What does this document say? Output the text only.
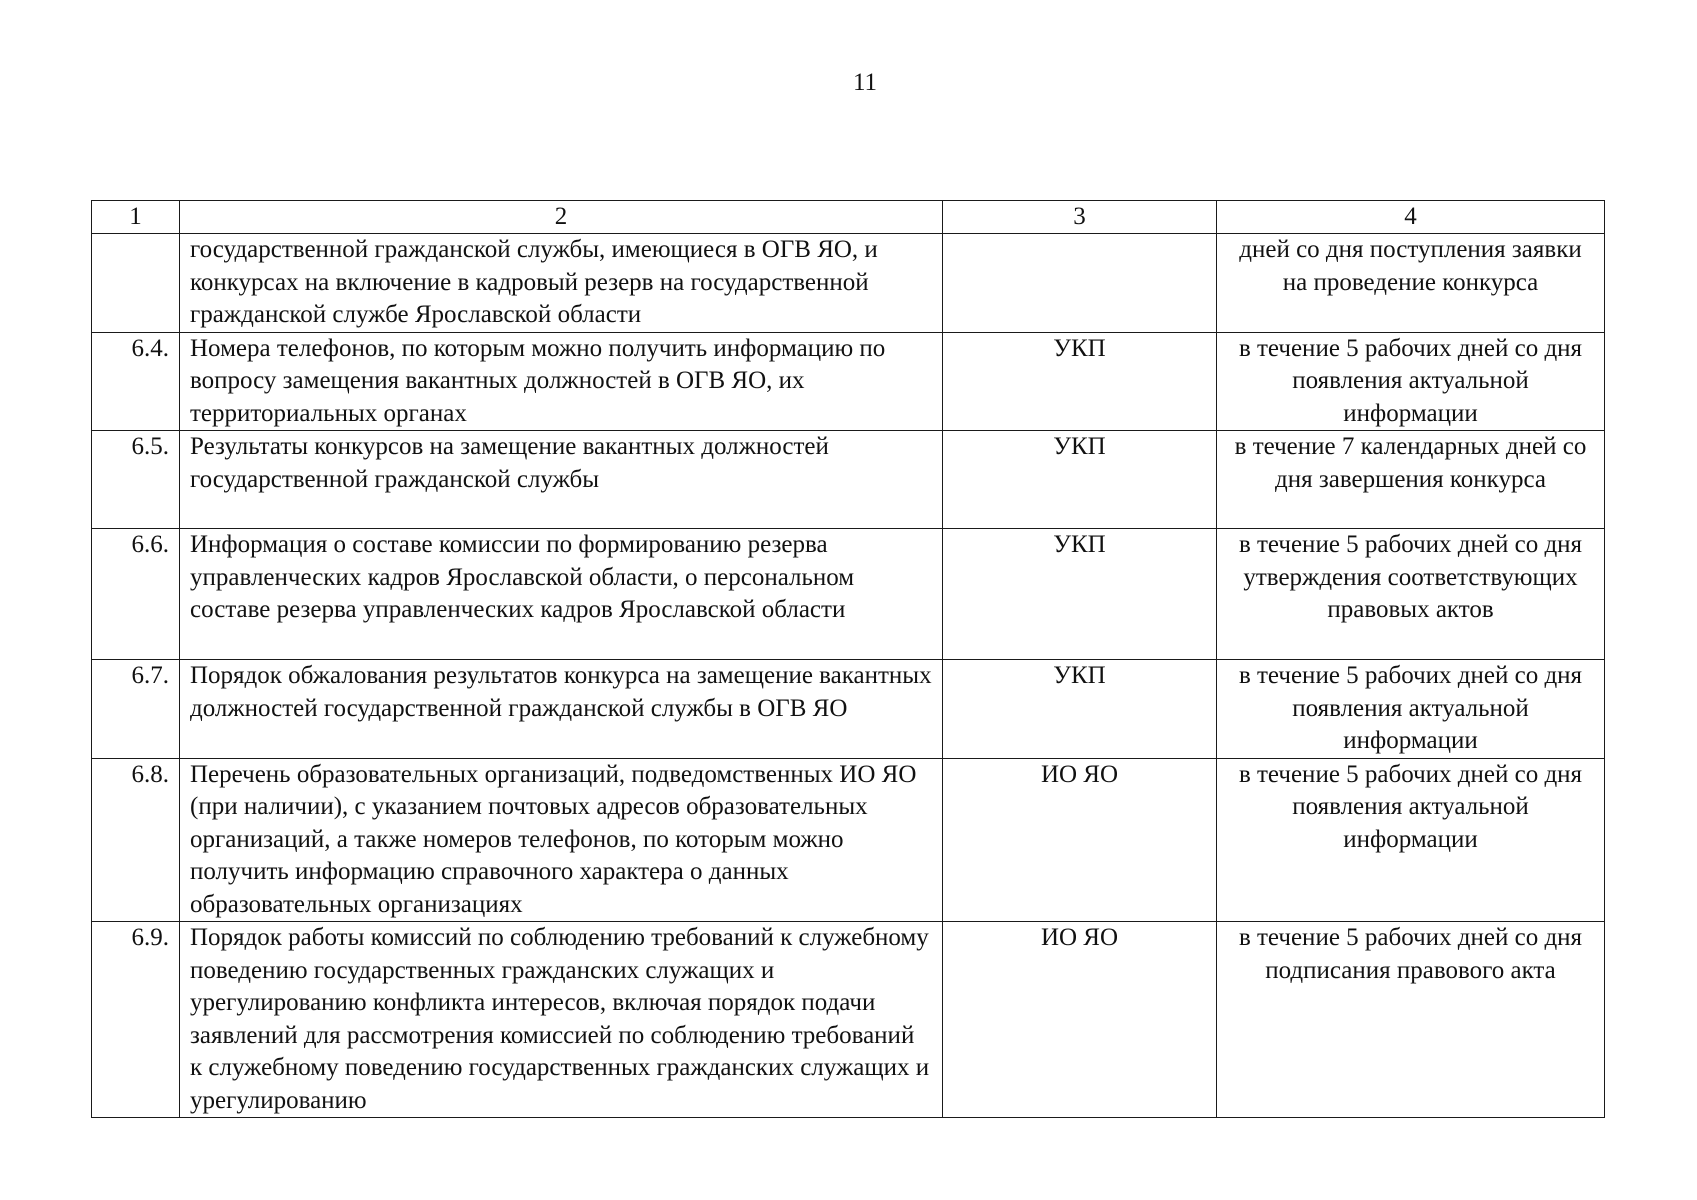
11
1	2	3	4
	государственной гражданской службы, имеющиеся в ОГВ ЯО, и конкурсах на включение в кадровый резерв на государственной гражданской службе Ярославской области		дней со дня поступления заявки на проведение конкурса
6.4.	Номера телефонов, по которым можно получить информацию по вопросу замещения вакантных должностей в ОГВ ЯО, их территориальных органах	УКП	в течение 5 рабочих дней со дня появления актуальной информации
6.5.	Результаты конкурсов на замещение вакантных должностей государственной гражданской службы	УКП	в течение 7 календарных дней со дня завершения конкурса
6.6.	Информация о составе комиссии по формированию резерва управленческих кадров Ярославской области, о персональном составе резерва управленческих кадров Ярославской области	УКП	в течение 5 рабочих дней со дня утверждения соответствующих правовых актов
6.7.	Порядок обжалования результатов конкурса на замещение вакантных должностей государственной гражданской службы в ОГВ ЯО	УКП	в течение 5 рабочих дней со дня появления актуальной информации
6.8.	Перечень образовательных организаций, подведомственных ИО ЯО (при наличии), с указанием почтовых адресов образовательных организаций, а также номеров телефонов, по которым можно получить информацию справочного характера о данных образовательных организациях	ИО ЯО	в течение 5 рабочих дней со дня появления актуальной информации
6.9.	Порядок работы комиссий по соблюдению требований к служебному поведению государственных гражданских служащих и урегулированию конфликта интересов, включая порядок подачи заявлений для рассмотрения комиссией по соблюдению требований к служебному поведению государственных гражданских служащих и урегулированию	ИО ЯО	в течение 5 рабочих дней со дня подписания правового акта
